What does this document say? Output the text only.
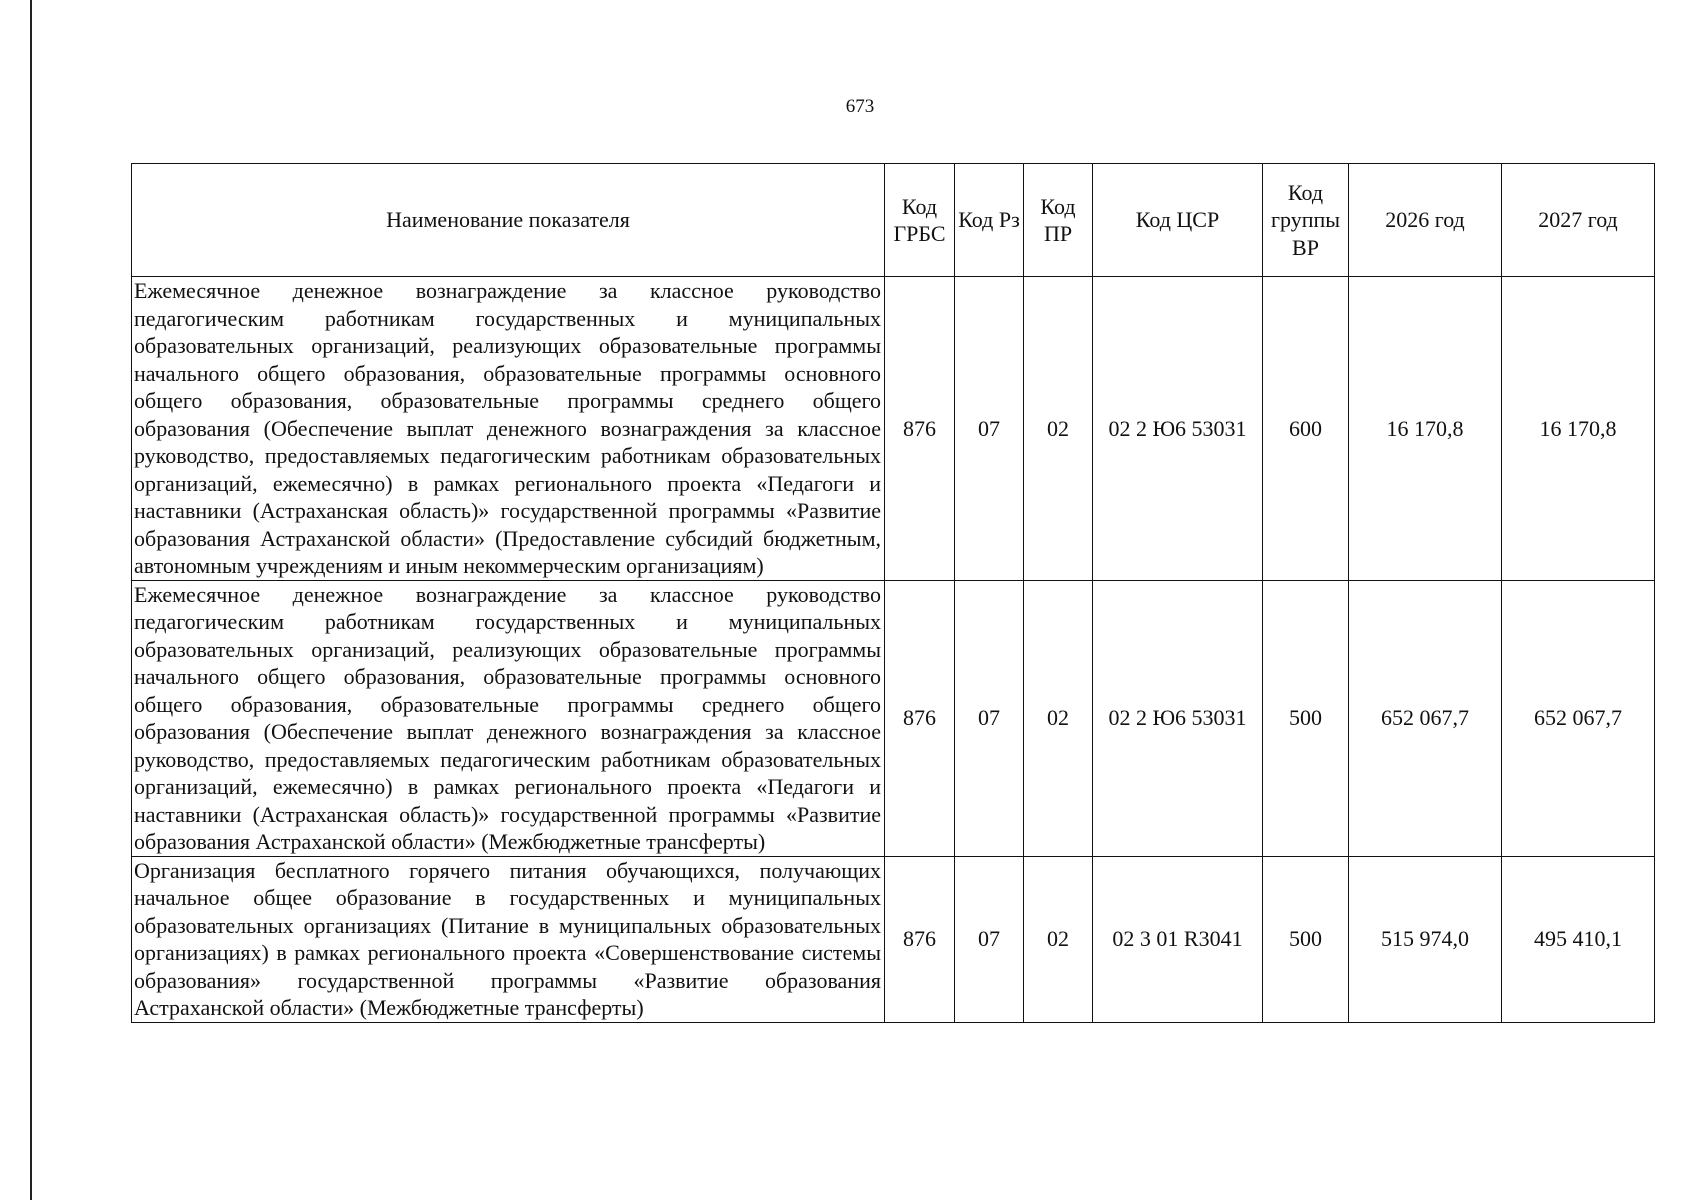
673
Наименование показателя	Код ГРБС	Код Рз	Код ПР	Код ЦСР	Код группы ВР	2026 год	2027 год
Ежемесячное денежное вознаграждение за классное руководство педагогическим работникам государственных и муниципальных образовательных организаций, реализующих образовательные программы начального общего образования, образовательные программы основного общего образования, образовательные программы среднего общего образования (Обеспечение выплат денежного вознаграждения за классное руководство, предоставляемых педагогическим работникам образовательных организаций, ежемесячно) в рамках регионального проекта «Педагоги и наставники (Астраханская область)» государственной программы «Развитие образования Астраханской области» (Предоставление субсидий бюджетным, автономным учреждениям и иным некоммерческим организациям)	876	07	02	02 2 Ю6 53031	600	16 170,8	16 170,8
Ежемесячное денежное вознаграждение за классное руководство педагогическим работникам государственных и муниципальных образовательных организаций, реализующих образовательные программы начального общего образования, образовательные программы основного общего образования, образовательные программы среднего общего образования (Обеспечение выплат денежного вознаграждения за классное руководство, предоставляемых педагогическим работникам образовательных организаций, ежемесячно) в рамках регионального проекта «Педагоги и наставники (Астраханская область)» государственной программы «Развитие образования Астраханской области» (Межбюджетные трансферты)	876	07	02	02 2 Ю6 53031	500	652 067,7	652 067,7
Организация бесплатного горячего питания обучающихся, получающих начальное общее образование в государственных и муниципальных образовательных организациях (Питание в муниципальных образовательных организациях) в рамках регионального проекта «Совершенствование системы образования» государственной программы «Развитие образования Астраханской области» (Межбюджетные трансферты)	876	07	02	02 3 01 R3041	500	515 974,0	495 410,1
